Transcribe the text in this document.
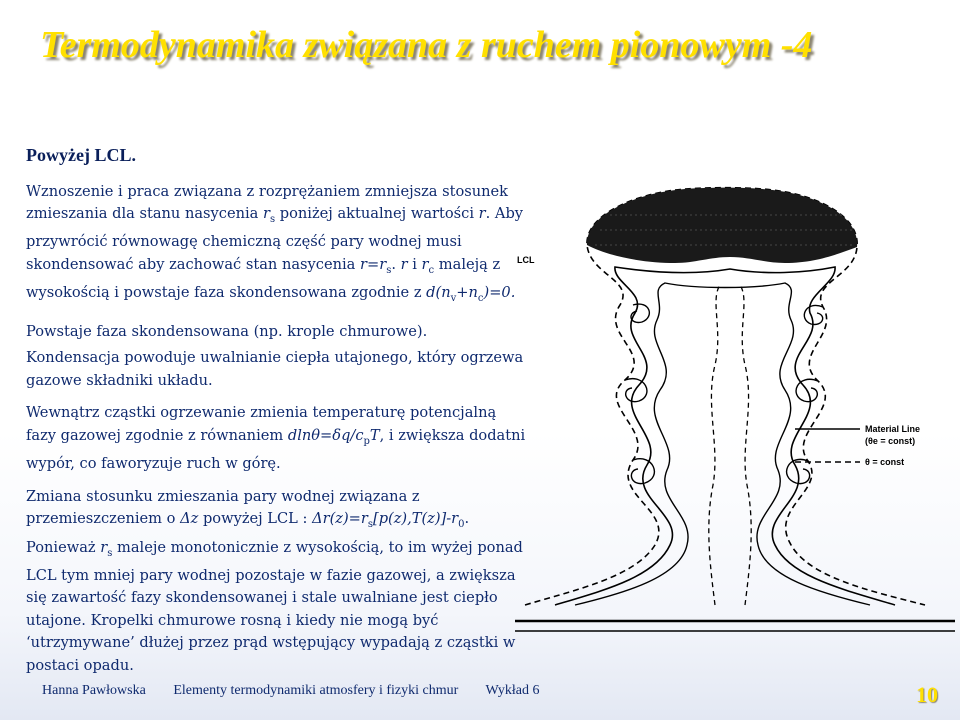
Termodynamika związana z ruchem pionowym -4

Powyżej LCL.

Wznoszenie i praca związana z rozprężaniem zmniejsza stosunek zmieszania dla stanu nasycenia $r_s$ poniżej aktualnej wartości r. Aby przywrócić równowagę chemiczną część pary wodnej musi skondensować aby zachować stan nasycenia $r=r_s$. r i $r_c$ maleją z wysokością i powstaje faza skondensowana zgodnie z $d(n_v+n_c)=0$.

Powstaje faza skondensowana (np. krople chmurowe).

Kondensacja powoduje uwalnianie ciepła utajonego, który ogrzewa gazowe składniki układu.

Wewnątrz cząstki ogrzewanie zmienia temperaturę potencjalną fazy gazowej zgodnie z równaniem $dln\theta=\delta q/c_pT$, i zwiększa dodatni wypór, co faworyzuje ruch w górę.

Zmiana stosunku zmieszania pary wodnej związana z przemieszczeniem o Δz powyżej LCL : $\Delta r(z)=r_s[p(z),T(z)]-r_0$. Ponieważ $r_s$ maleje monotonicznie z wysokością, to im wyżej ponad LCL tym mniej pary wodnej pozostaje w fazie gazowej, a zwiększa się zawartość fazy skondensowanej i stale uwalniane jest ciepło utajone. Kropelki chmurowe rosną i kiedy nie mogą być ‘utrzymywane’ dłużej przez prąd wstępujący wypadają z cząstki w postaci opadu.

LCL
Material Line
(θe = const)
θ = const
Hanna Pawłowska Elementy termodynamiki atmosfery i fizyki chmur Wykład 6	10
